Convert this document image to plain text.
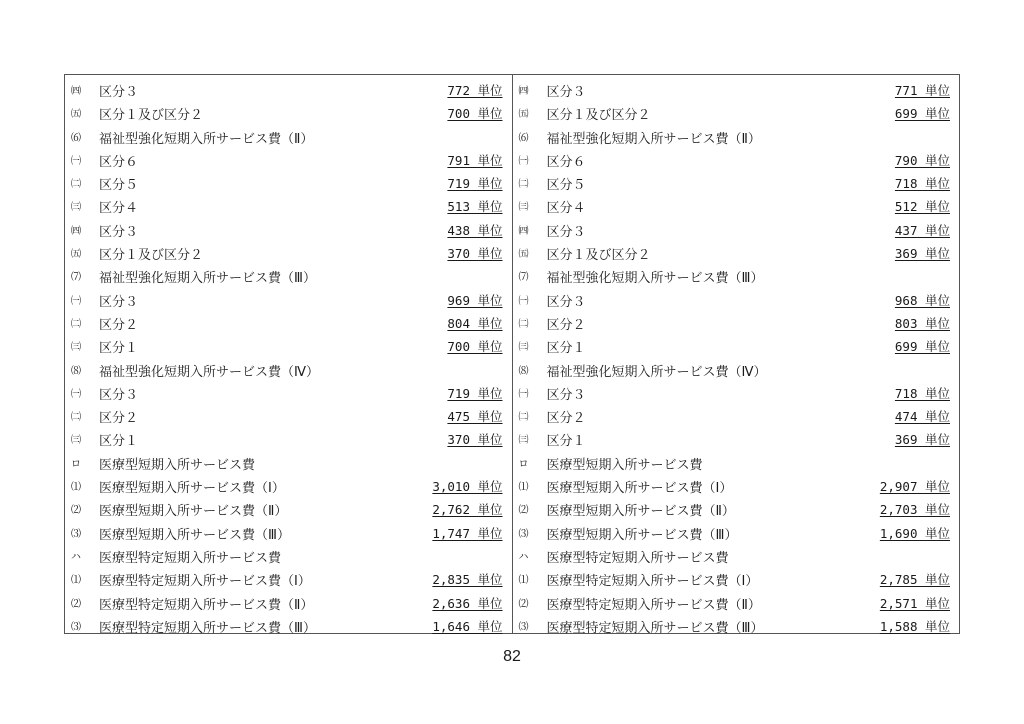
㈣ 区分３	772 単位
㈤ 区分１及び区分２	700 単位
⑹ 福祉型強化短期入所サービス費（Ⅱ）
㈠ 区分６	791 単位
㈡ 区分５	719 単位
㈢ 区分４	513 単位
㈣ 区分３	438 単位
㈤ 区分１及び区分２	370 単位
⑺ 福祉型強化短期入所サービス費（Ⅲ）
㈠ 区分３	969 単位
㈡ 区分２	804 単位
㈢ 区分１	700 単位
⑻ 福祉型強化短期入所サービス費（Ⅳ）
㈠ 区分３	719 単位
㈡ 区分２	475 単位
㈢ 区分１	370 単位
ロ 医療型短期入所サービス費
⑴ 医療型短期入所サービス費（Ⅰ）	3,010 単位
⑵ 医療型短期入所サービス費（Ⅱ）	2,762 単位
⑶ 医療型短期入所サービス費（Ⅲ）	1,747 単位
ハ 医療型特定短期入所サービス費
⑴ 医療型特定短期入所サービス費（Ⅰ）	2,835 単位
⑵ 医療型特定短期入所サービス費（Ⅱ）	2,636 単位
⑶ 医療型特定短期入所サービス費（Ⅲ）	1,646 単位
㈣ 区分３	771 単位
㈤ 区分１及び区分２	699 単位
⑹ 福祉型強化短期入所サービス費（Ⅱ）
㈠ 区分６	790 単位
㈡ 区分５	718 単位
㈢ 区分４	512 単位
㈣ 区分３	437 単位
㈤ 区分１及び区分２	369 単位
⑺ 福祉型強化短期入所サービス費（Ⅲ）
㈠ 区分３	968 単位
㈡ 区分２	803 単位
㈢ 区分１	699 単位
⑻ 福祉型強化短期入所サービス費（Ⅳ）
㈠ 区分３	718 単位
㈡ 区分２	474 単位
㈢ 区分１	369 単位
ロ 医療型短期入所サービス費
⑴ 医療型短期入所サービス費（Ⅰ）	2,907 単位
⑵ 医療型短期入所サービス費（Ⅱ）	2,703 単位
⑶ 医療型短期入所サービス費（Ⅲ）	1,690 単位
ハ 医療型特定短期入所サービス費
⑴ 医療型特定短期入所サービス費（Ⅰ）	2,785 単位
⑵ 医療型特定短期入所サービス費（Ⅱ）	2,571 単位
⑶ 医療型特定短期入所サービス費（Ⅲ）	1,588 単位
82
